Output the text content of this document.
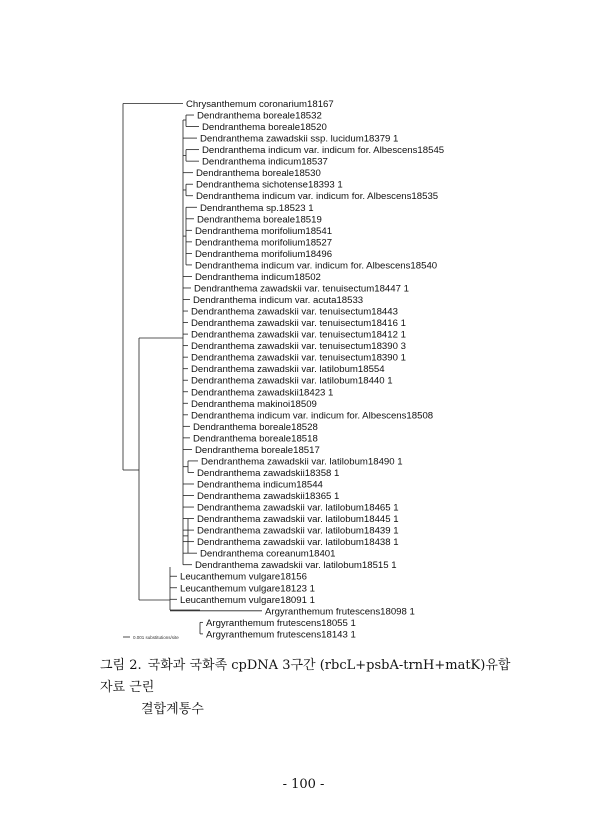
Chrysanthemum coronarium18167
Dendranthema boreale18532
Dendranthema boreale18520
Dendranthema zawadskii ssp. lucidum18379 1
Dendranthema indicum var. indicum for. Albescens18545
Dendranthema indicum18537
Dendranthema boreale18530
Dendranthema sichotense18393 1
Dendranthema indicum var. indicum for. Albescens18535
Dendranthema sp.18523 1
Dendranthema boreale18519
Dendranthema morifolium18541
Dendranthema morifolium18527
Dendranthema morifolium18496
Dendranthema indicum var. indicum for. Albescens18540
Dendranthema indicum18502
Dendranthema zawadskii var. tenuisectum18447 1
Dendranthema indicum var. acuta18533
Dendranthema zawadskii var. tenuisectum18443
Dendranthema zawadskii var. tenuisectum18416 1
Dendranthema zawadskii var. tenuisectum18412 1
Dendranthema zawadskii var. tenuisectum18390 3
Dendranthema zawadskii var. tenuisectum18390 1
Dendranthema zawadskii var. latilobum18554
Dendranthema zawadskii var. latilobum18440 1
Dendranthema zawadskii18423 1
Dendranthema makinoi18509
Dendranthema indicum var. indicum for. Albescens18508
Dendranthema boreale18528
Dendranthema boreale18518
Dendranthema boreale18517
Dendranthema zawadskii var. latilobum18490 1
Dendranthema zawadskii18358 1
Dendranthema indicum18544
Dendranthema zawadskii18365 1
Dendranthema zawadskii var. latilobum18465 1
Dendranthema zawadskii var. latilobum18445 1
Dendranthema zawadskii var. latilobum18439 1
Dendranthema zawadskii var. latilobum18438 1
Dendranthema coreanum18401
Dendranthema zawadskii var. latilobum18515 1
Leucanthemum vulgare18156
Leucanthemum vulgare18123 1
Leucanthemum vulgare18091 1
Argyranthemum frutescens18098 1
Argyranthemum frutescens18055 1
Argyranthemum frutescens18143 1
0.001 substitutions/site
그림 2. 국화과 국화족 cpDNA 3구간 (rbcL+psbA-trnH+matK)유합자료 근린
결합계통수
- 100 -
